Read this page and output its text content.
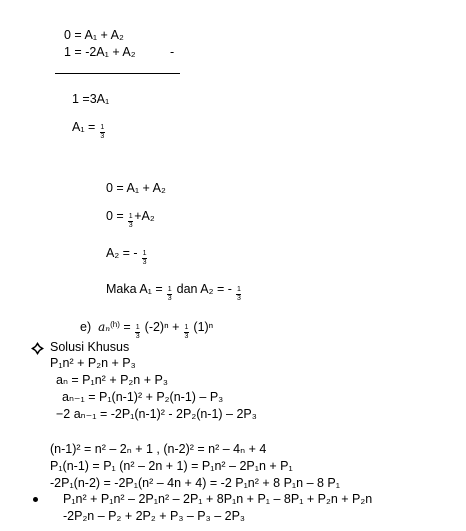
0 = A₁ + A₂
1 = -2A₁ + A₂	-
1 =3A₁
$A_1 = \frac{1}{3}$
0 = A₁ + A₂
$0 = \frac{1}{3} +A_2$
A₂ = - $\frac{1}{3}$
Maka $A_1 = \frac{1}{3}$ dan A₂ = - $\frac{1}{3}$
e) $a_n^{(h)} = \frac{1}{3} (-2)^n + \frac{1}{3} (1)^n$
Solusi Khusus
P₁n² + P₂n + P₃
aₙ = P₁n² + P₂n + P₃
aₙ₋₁ = P₁(n-1)² + P₂(n-1) – P₃
−2 aₙ₋₁ = -2P₁(n-1)² - 2P₂(n-1) – 2P₃
(n-1)² = n² – 2ₙ + 1 , (n-2)² = n² – 4ₙ + 4
P₁(n-1) = P₁ (n² – 2n + 1) = P₁n² – 2P₁n + P₁
-2P₁(n-2) = -2P₁(n² – 4n + 4) = -2 P₁n² + 8 P₁n – 8 P₁
P₁n² + P₁n² – 2P₁n² – 2P₁ + 8P₁n + P₁ – 8P₁ + P₂n + P₂n
-2P₂n – P₂ + 2P₂ + P₃ – P₃ – 2P₃
